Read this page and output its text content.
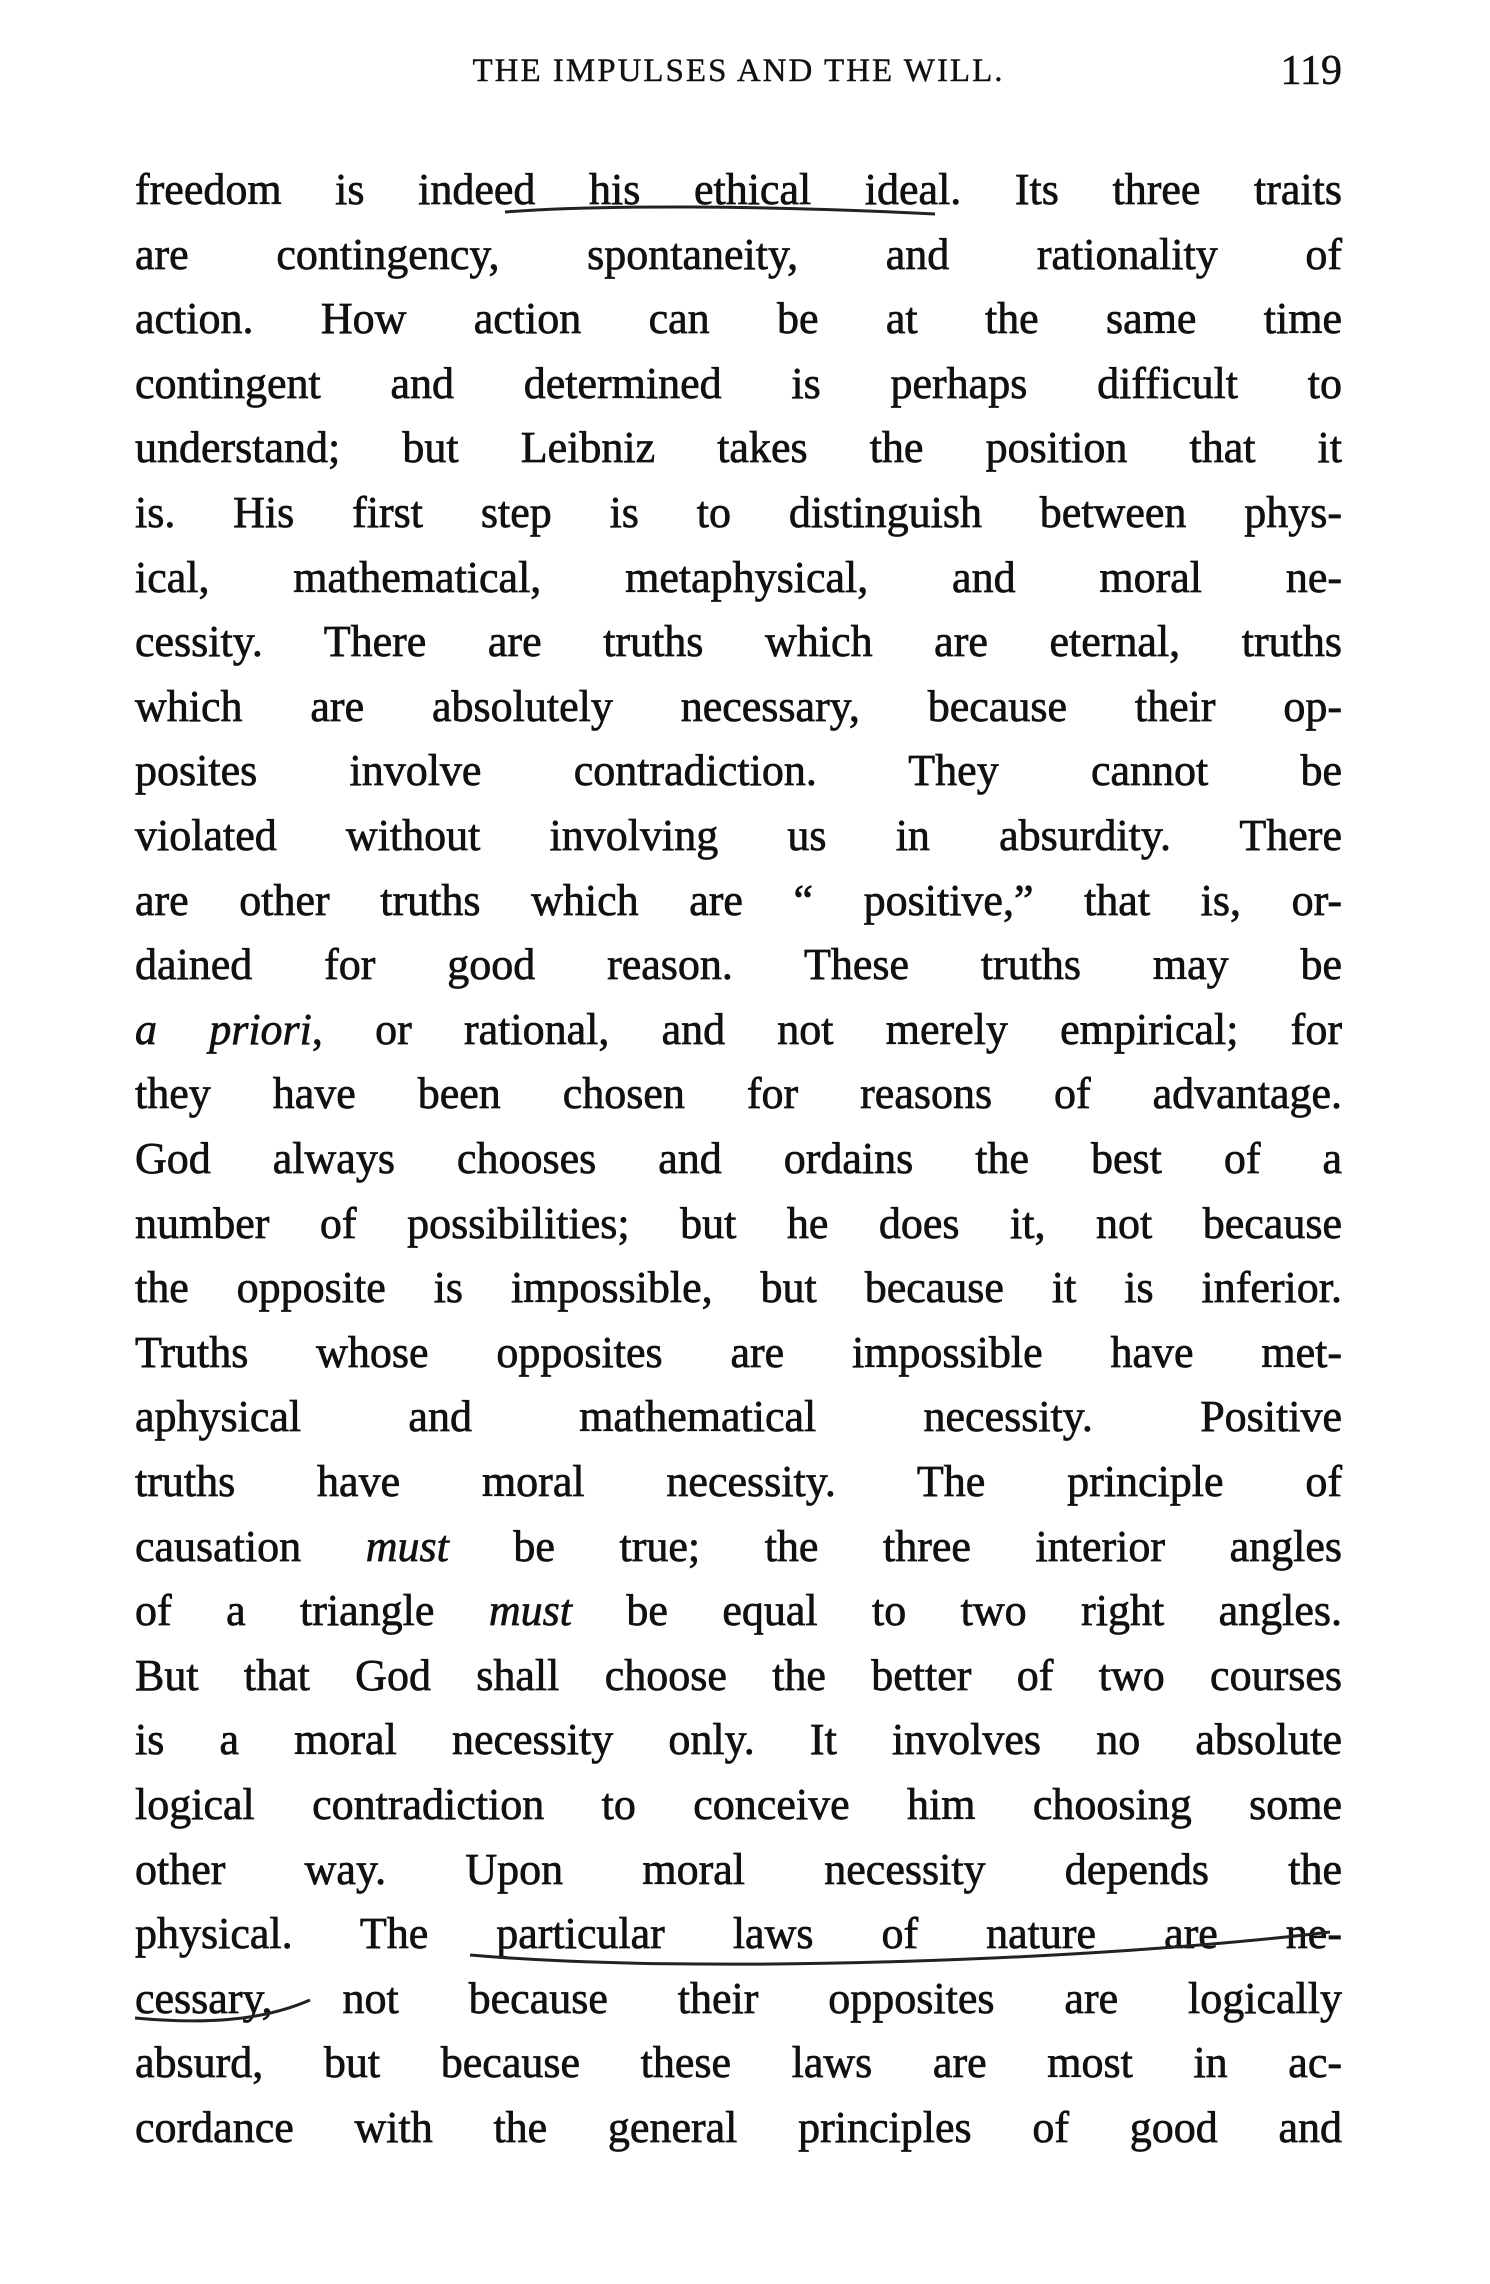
THE IMPULSES AND THE WILL.	119
freedom is indeed his ethical ideal. Its three traits
are contingency, spontaneity, and rationality of
action. How action can be at the same time
contingent and determined is perhaps difficult to
understand; but Leibniz takes the position that it
is. His first step is to distinguish between phys-
ical, mathematical, metaphysical, and moral ne-
cessity. There are truths which are eternal, truths
which are absolutely necessary, because their op-
posites involve contradiction. They cannot be
violated without involving us in absurdity. There
are other truths which are “ positive,” that is, or-
dained for good reason. These truths may be
a priori, or rational, and not merely empirical; for
they have been chosen for reasons of advantage.
God always chooses and ordains the best of a
number of possibilities; but he does it, not because
the opposite is impossible, but because it is inferior.
Truths whose opposites are impossible have met-
aphysical and mathematical necessity. Positive
truths have moral necessity. The principle of
causation must be true; the three interior angles
of a triangle must be equal to two right angles.
But that God shall choose the better of two courses
is a moral necessity only. It involves no absolute
logical contradiction to conceive him choosing some
other way. Upon moral necessity depends the
physical. The particular laws of nature are ne-
cessary, not because their opposites are logically
absurd, but because these laws are most in ac-
cordance with the general principles of good and
